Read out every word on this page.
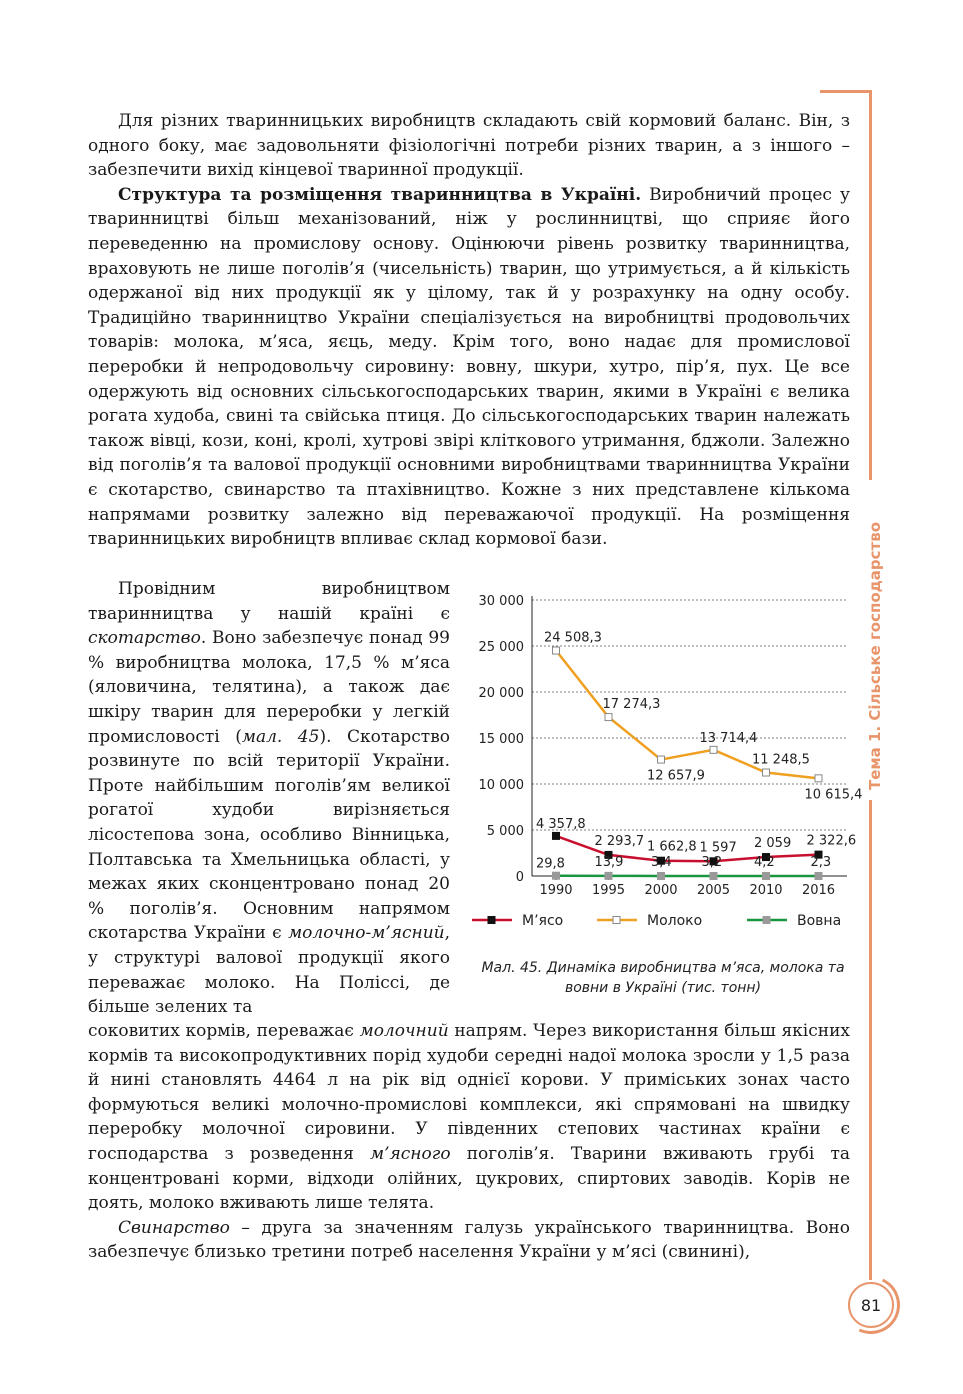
Тема 1. Сільське господарство

Для різних тваринницьких виробництв складають свій кормовий баланс. Він, з одного боку, має задовольняти фізіологічні потреби різних тварин, а з іншого – забезпечити вихід кінцевої тваринної продукції.

Структура та розміщення тваринництва в Україні. Виробничий процес у тваринництві більш механізований, ніж у рослинництві, що сприяє його переведенню на промислову основу. Оцінюючи рівень розвитку тваринництва, враховують не лише поголів’я (чисельність) тварин, що утримується, а й кількість одержаної від них продукції як у цілому, так й у розрахунку на одну особу. Традиційно тваринництво України спеціалізується на виробництві продовольчих товарів: молока, м’яса, яєць, меду. Крім того, воно надає для промислової переробки й непродовольчу сировину: вовну, шкури, хутро, пір’я, пух. Це все одержують від основних сільськогосподарських тварин, якими в Україні є велика рогата худоба, свині та свійська птиця. До сільськогосподарських тварин належать також вівці, кози, коні, кролі, хутрові звірі кліткового утримання, бджоли. Залежно від поголів’я та валової продукції основними виробництвами тваринництва України є скотарство, свинарство та птахівництво. Кожне з них представлене кількома напрямами розвитку залежно від переважаючої продукції. На розміщення тваринницьких виробництв впливає склад кормової бази.

Провідним виробництвом тваринництва у нашій країні є скотарство. Воно забезпечує понад 99 % виробництва молока, 17,5 % м’яса (яловичина, телятина), а також дає шкіру тварин для переробки у легкій промисловості (мал. 45). Скотарство розвинуте по всій території України. Проте найбільшим поголів’ям великої рогатої худоби вирізняється лісостепова зона, особливо Вінницька, Полтавська та Хмельницька області, у межах яких сконцентровано понад 20 % поголів’я. Основним напрямом скотарства України є молочно-м’ясний, у структурі валової продукції якого переважає молоко. На Поліссі, де більше зелених та

соковитих кормів, переважає молочний напрям. Через використання більш якісних кормів та високопродуктивних порід худоби середні надої молока зросли у 1,5 раза й нині становлять 4464 л на рік від однієї корови. У приміських зонах часто формуються великі молочно-промислові комплекси, які спрямовані на швидку переробку молочної сировини. У південних степових частинах країни є господарства з розведення м’ясного поголів’я. Тварини вживають грубі та концентровані корми, відходи олійних, цукрових, спиртових заводів. Корів не доять, молоко вживають лише телята.

Свинарство – друга за значенням галузь українського тваринництва. Воно забезпечує близько третини потреб населення України у м’ясі (свинині),

0
5 000
10 000
15 000
20 000
25 000
30 000
1990 1995 2000 2005 2010 2016
4 357,8
2 293,7 1 662,8 1 597 2 059 2 322,6
24 508,3
17 274,3
12 657,9
13 714,4
11 248,5
10 615,4
29,8 13,9 3,4 3,2 4,2	2,3
М’ясо	Молоко	Вовна
Мал. 45. Динаміка виробництва м’яса, молока та вовни в Україні (тис. тонн)
81
